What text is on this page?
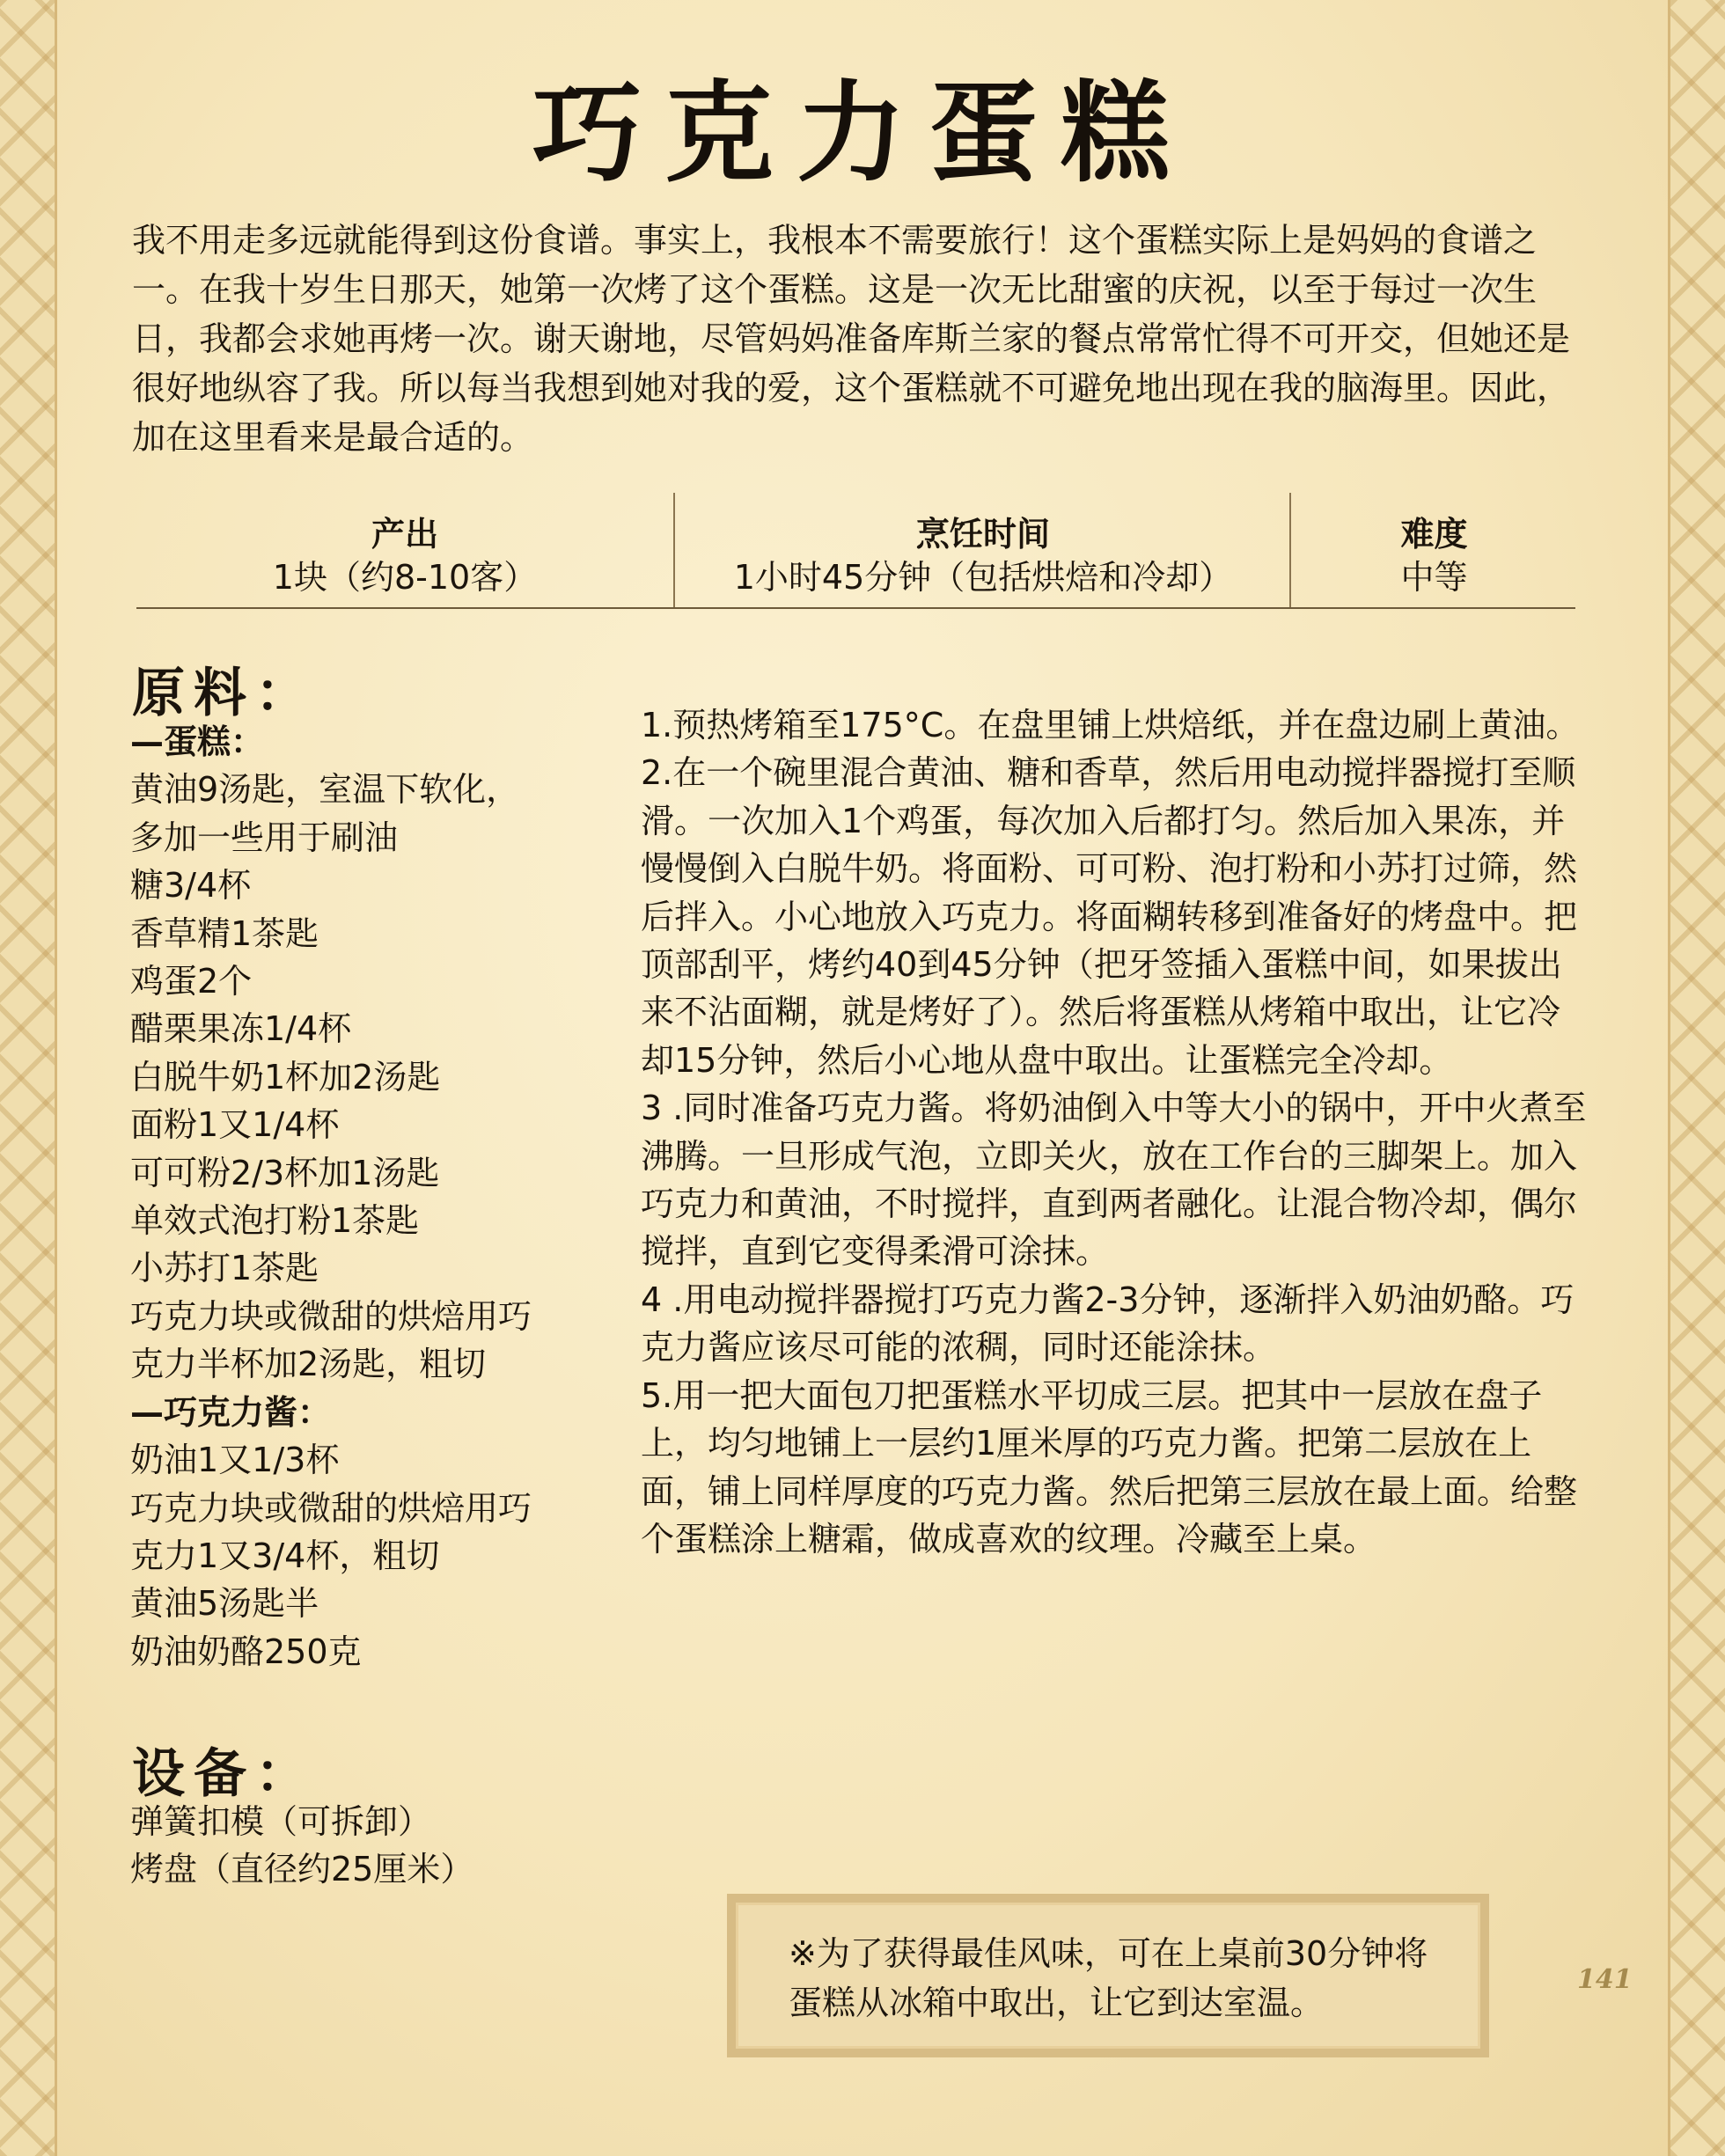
巧克力蛋糕
我不用走多远就能得到这份食谱。事实上，我根本不需要旅行！这个蛋糕实际上是妈妈的食谱之一。在我十岁生日那天，她第一次烤了这个蛋糕。这是一次无比甜蜜的庆祝，以至于每过一次生日，我都会求她再烤一次。谢天谢地，尽管妈妈准备库斯兰家的餐点常常忙得不可开交，但她还是很好地纵容了我。所以每当我想到她对我的爱，这个蛋糕就不可避免地出现在我的脑海里。因此，加在这里看来是最合适的。
产出
1块（约8-10客）
烹饪时间
1小时45分钟（包括烘焙和冷却）
难度
中等
原料：
—蛋糕：
黄油9汤匙，室温下软化，
多加一些用于刷油
糖3/4杯
香草精1茶匙
鸡蛋2个
醋栗果冻1/4杯
白脱牛奶1杯加2汤匙
面粉1又1/4杯
可可粉2/3杯加1汤匙
单效式泡打粉1茶匙
小苏打1茶匙
巧克力块或微甜的烘焙用巧
克力半杯加2汤匙，粗切
—巧克力酱：
奶油1又1/3杯
巧克力块或微甜的烘焙用巧
克力1又3/4杯，粗切
黄油5汤匙半
奶油奶酪250克
设备：
弹簧扣模（可拆卸）
烤盘（直径约25厘米）
1.预热烤箱至175°C。在盘里铺上烘焙纸，并在盘边刷上黄油。
2.在一个碗里混合黄油、糖和香草，然后用电动搅拌器搅打至顺滑。一次加入1个鸡蛋，每次加入后都打匀。然后加入果冻，并慢慢倒入白脱牛奶。将面粉、可可粉、泡打粉和小苏打过筛，然后拌入。小心地放入巧克力。将面糊转移到准备好的烤盘中。把顶部刮平，烤约40到45分钟（把牙签插入蛋糕中间，如果拔出来不沾面糊，就是烤好了）。然后将蛋糕从烤箱中取出，让它冷却15分钟，然后小心地从盘中取出。让蛋糕完全冷却。
3 .同时准备巧克力酱。将奶油倒入中等大小的锅中，开中火煮至沸腾。一旦形成气泡，立即关火，放在工作台的三脚架上。加入巧克力和黄油，不时搅拌，直到两者融化。让混合物冷却，偶尔搅拌，直到它变得柔滑可涂抹。
4 .用电动搅拌器搅打巧克力酱2-3分钟，逐渐拌入奶油奶酪。巧克力酱应该尽可能的浓稠，同时还能涂抹。
5.用一把大面包刀把蛋糕水平切成三层。把其中一层放在盘子上，均匀地铺上一层约1厘米厚的巧克力酱。把第二层放在上面，铺上同样厚度的巧克力酱。然后把第三层放在最上面。给整个蛋糕涂上糖霜，做成喜欢的纹理。冷藏至上桌。
※为了获得最佳风味，可在上桌前30分钟将蛋糕从冰箱中取出，让它到达室温。
141
